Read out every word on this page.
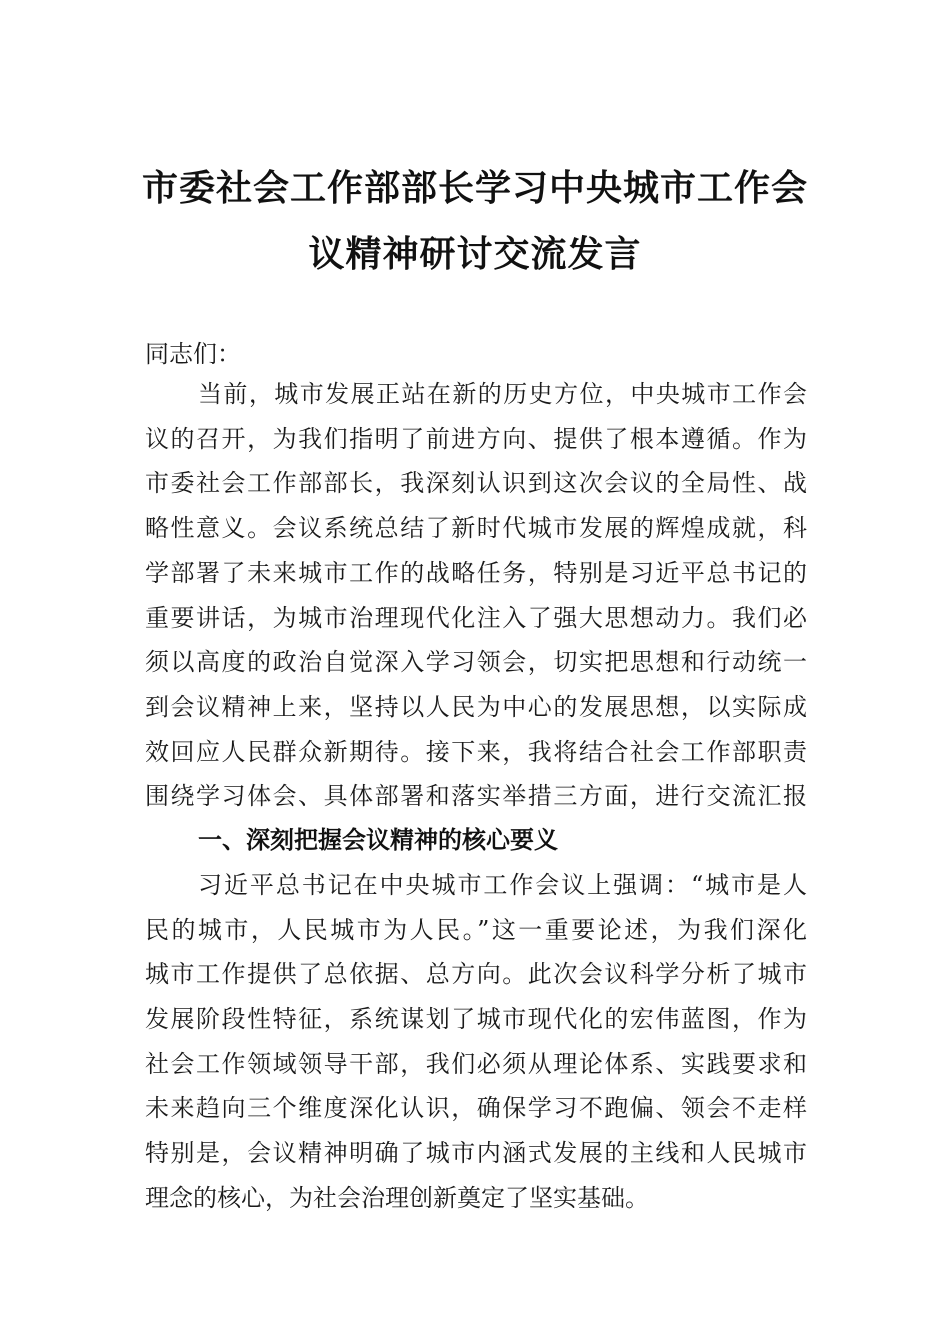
市委社会工作部部长学习中央城市工作会
议精神研讨交流发言
同志们：

当前，城市发展正站在新的历史方位，中央城市工作会

议的召开，为我们指明了前进方向、提供了根本遵循。作为

市委社会工作部部长，我深刻认识到这次会议的全局性、战

略性意义。会议系统总结了新时代城市发展的辉煌成就，科

学部署了未来城市工作的战略任务，特别是习近平总书记的

重要讲话，为城市治理现代化注入了强大思想动力。我们必

须以高度的政治自觉深入学习领会，切实把思想和行动统一

到会议精神上来，坚持以人民为中心的发展思想，以实际成

效回应人民群众新期待。接下来，我将结合社会工作部职责

围绕学习体会、具体部署和落实举措三方面，进行交流汇报

一、深刻把握会议精神的核心要义

习近平总书记在中央城市工作会议上强调：“城市是人

民的城市，人民城市为人民。”这一重要论述，为我们深化

城市工作提供了总依据、总方向。此次会议科学分析了城市

发展阶段性特征，系统谋划了城市现代化的宏伟蓝图，作为

社会工作领域领导干部，我们必须从理论体系、实践要求和

未来趋向三个维度深化认识，确保学习不跑偏、领会不走样

特别是，会议精神明确了城市内涵式发展的主线和人民城市

理念的核心，为社会治理创新奠定了坚实基础。
